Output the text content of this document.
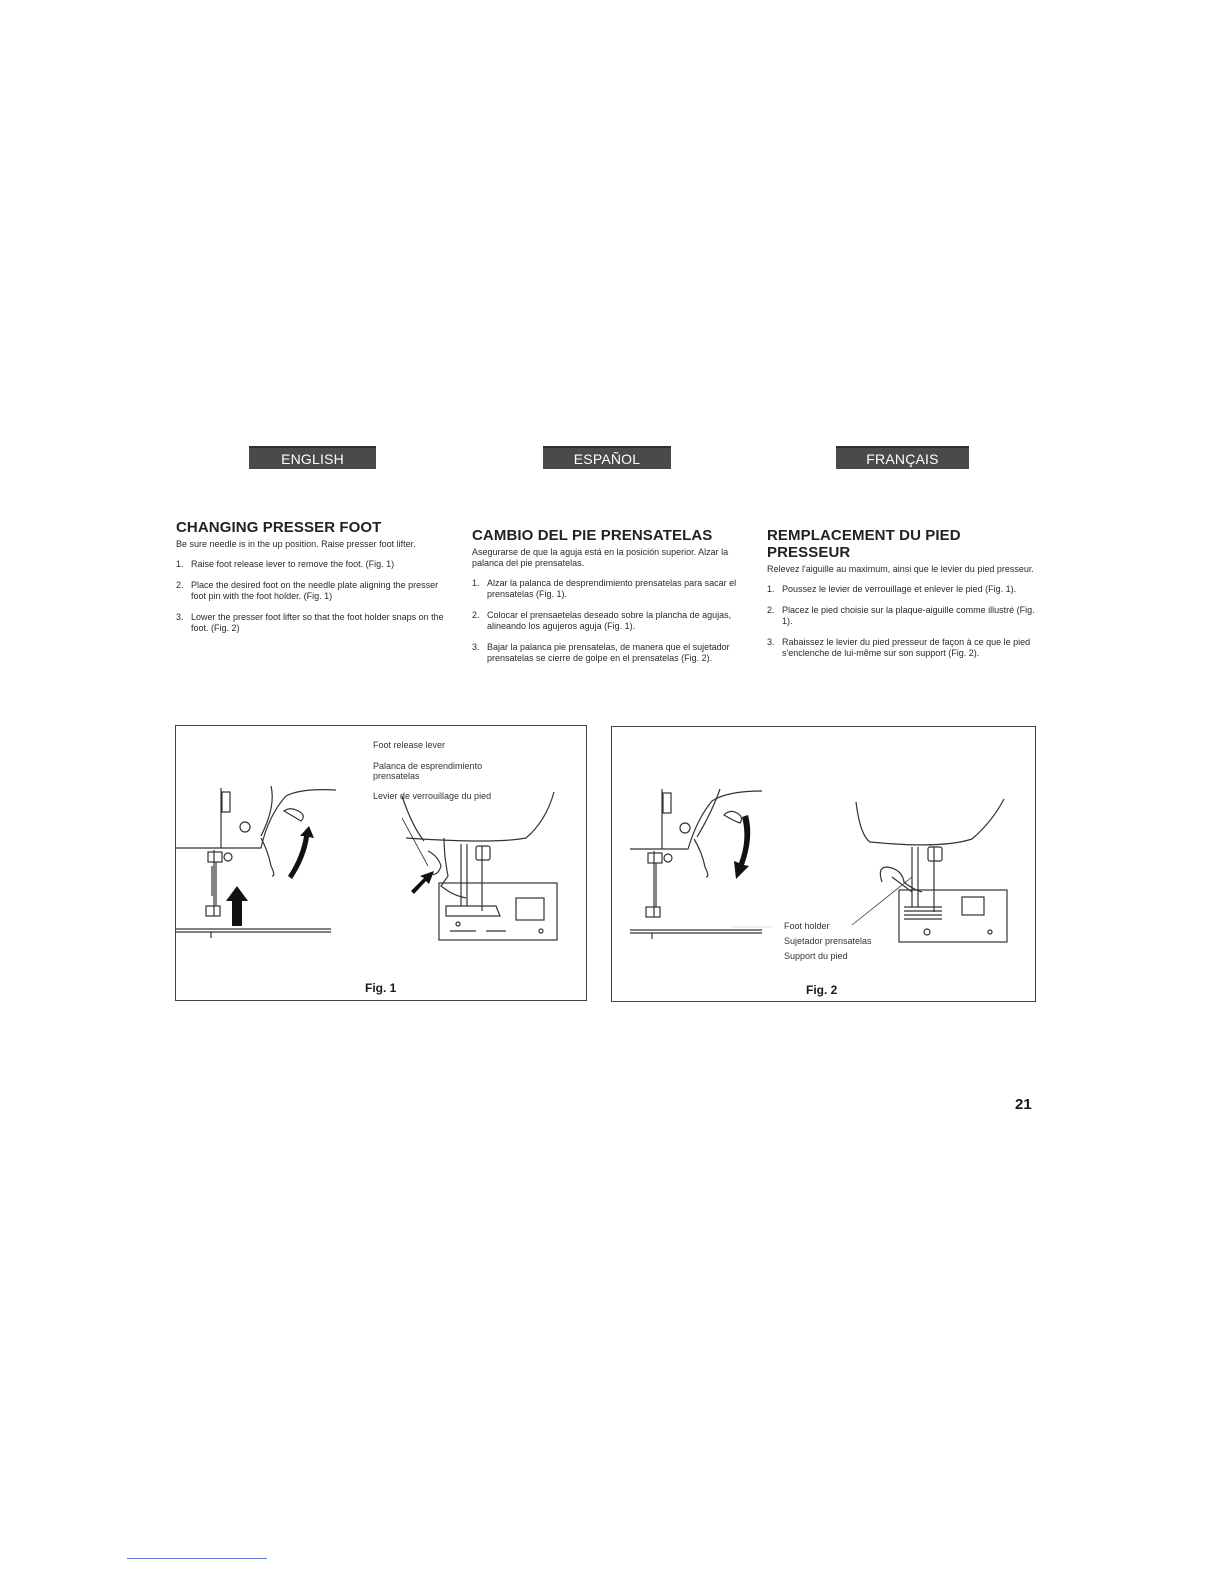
ENGLISH	ESPAÑOL	FRANÇAIS
CHANGING PRESSER FOOT

Be sure needle is in the up position. Raise presser foot lifter.

1. Raise foot release lever to remove the foot. (Fig. 1)
2. Place the desired foot on the needle plate aligning the presser foot pin with the foot holder. (Fig. 1)
3. Lower the presser foot lifter so that the foot holder snaps on the foot. (Fig. 2)
CAMBIO DEL PIE PRENSATELAS

Asegurarse de que la aguja está en la posición superior. Alzar la palanca del pie prensatelas.

1. Alzar la palanca de desprendimiento prensatelas para sacar el prensatelas (Fig. 1).
2. Colocar el prensaetelas deseado sobre la plancha de agujas, alineando los agujeros aguja (Fig. 1).
3. Bajar la palanca pie prensatelas, de manera que el sujetador prensatelas se cierre de golpe en el prensatelas (Fig. 2).
REMPLACEMENT DU PIED PRESSEUR

Relevez l'aiguille au maximum, ainsi que le levier du pied presseur.

1. Poussez le levier de verrouillage et enlever le pied (Fig. 1).
2. Placez le pied choisie sur la plaque-aiguille comme illustré (Fig. 1).
3. Rabaissez le levier du pied presseur de façon à ce que le pied s'enclenche de lui-même sur son support (Fig. 2).
Foot release lever
Palanca de esprendimiento prensatelas
Levier de verrouillage du pied
Fig. 1
Foot holder
Sujetador prensatelas
Support du pied
Fig. 2
21
